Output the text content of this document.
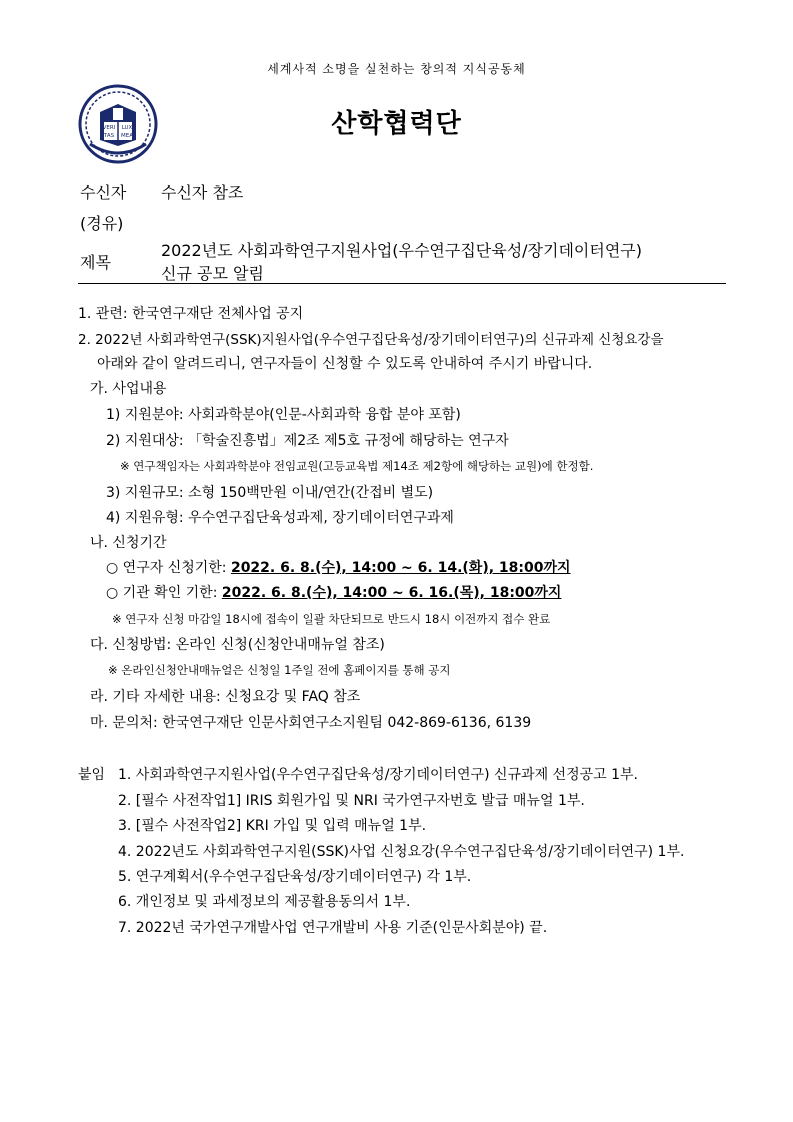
세계사적 소명을 실천하는 창의적 지식공동체
VERI LUX
TAS MEA	산학협력단
수신자 수신자 참조
(경유)
제목
2022년도 사회과학연구지원사업(우수연구집단육성/장기데이터연구)
신규 공모 알림
1. 관련: 한국연구재단 전체사업 공지
2. 2022년 사회과학연구(SSK)지원사업(우수연구집단육성/장기데이터연구)의 신규과제 신청요강을
아래와 같이 알려드리니, 연구자들이 신청할 수 있도록 안내하여 주시기 바랍니다.
가. 사업내용
1) 지원분야: 사회과학분야(인문-사회과학 융합 분야 포함)
2) 지원대상: 「학술진흥법」제2조 제5호 규정에 해당하는 연구자
※ 연구책임자는 사회과학분야 전임교원(고등교육법 제14조 제2항에 해당하는 교원)에 한정함.
3) 지원규모: 소형 150백만원 이내/연간(간접비 별도)
4) 지원유형: 우수연구집단육성과제, 장기데이터연구과제
나. 신청기간
○ 연구자 신청기한: 2022. 6. 8.(수), 14:00 ~ 6. 14.(화), 18:00까지
○ 기관 확인 기한: 2022. 6. 8.(수), 14:00 ~ 6. 16.(목), 18:00까지
※ 연구자 신청 마감일 18시에 접속이 일괄 차단되므로 반드시 18시 이전까지 접수 완료
다. 신청방법: 온라인 신청(신청안내매뉴얼 참조)
※ 온라인신청안내매뉴얼은 신청일 1주일 전에 홈페이지를 통해 공지
라. 기타 자세한 내용: 신청요강 및 FAQ 참조
마. 문의처: 한국연구재단 인문사회연구소지원팀 042-869-6136, 6139
붙임 1. 사회과학연구지원사업(우수연구집단육성/장기데이터연구) 신규과제 선정공고 1부.
2. [필수 사전작업1] IRIS 회원가입 및 NRI 국가연구자번호 발급 매뉴얼 1부.
3. [필수 사전작업2] KRI 가입 및 입력 매뉴얼 1부.
4. 2022년도 사회과학연구지원(SSK)사업 신청요강(우수연구집단육성/장기데이터연구) 1부.
5. 연구계획서(우수연구집단육성/장기데이터연구) 각 1부.
6. 개인정보 및 과세정보의 제공활용동의서 1부.
7. 2022년 국가연구개발사업 연구개발비 사용 기준(인문사회분야) 끝.
